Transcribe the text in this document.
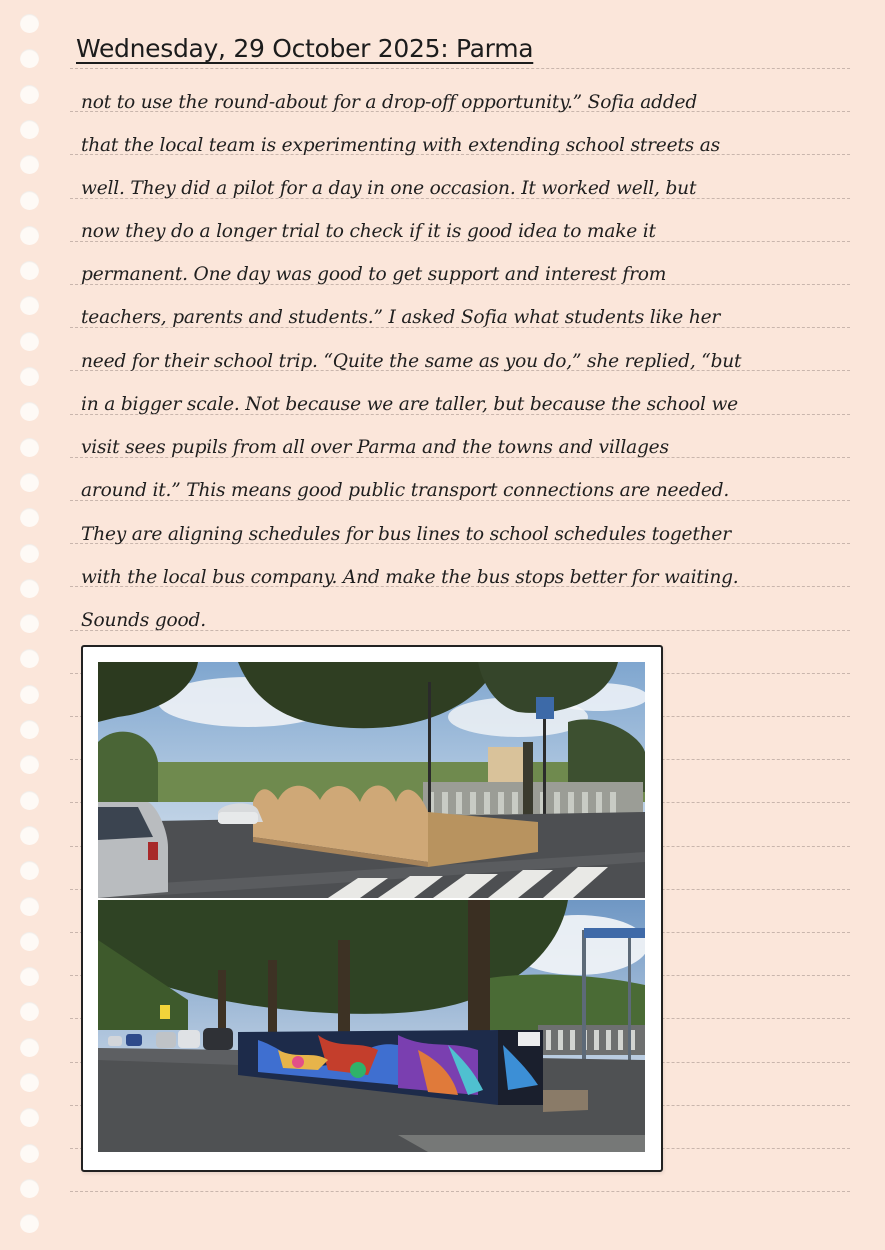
Wednesday, 29 October 2025: Parma
not to use the round-about for a drop-off opportunity.” Sofia added
that the local team is experimenting with extending school streets as
well. They did a pilot for a day in one occasion. It worked well, but
now they do a longer trial to check if it is good idea to make it
permanent. One day was good to get support and interest from
teachers, parents and students.” I asked Sofia what students like her
need for their school trip. “Quite the same as you do,” she replied, “but
in a bigger scale. Not because we are taller, but because the school we
visit sees pupils from all over Parma and the towns and villages
around it.” This means good public transport connections are needed.
They are aligning schedules for bus lines to school schedules together
with the local bus company. And make the bus stops better for waiting.
Sounds good.
